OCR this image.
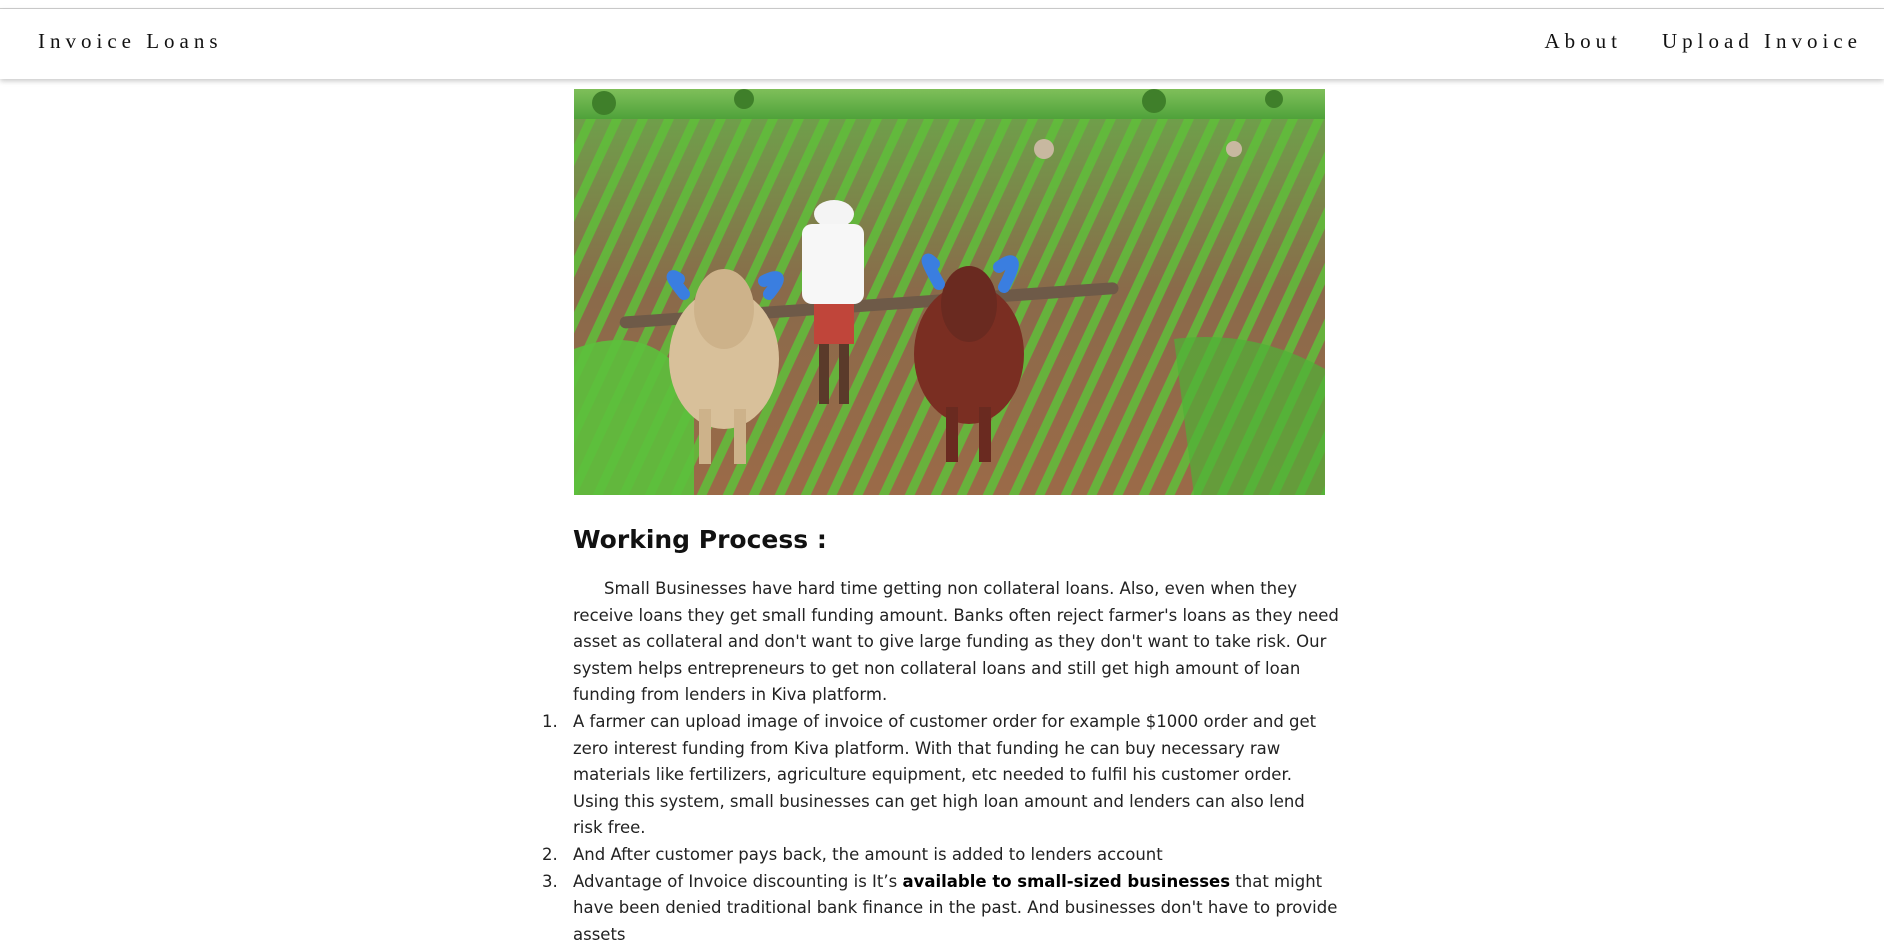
Invoice Loans	About Upload Invoice
Working Process :

Small Businesses have hard time getting non collateral loans. Also, even when they receive loans they get small funding amount. Banks often reject farmer's loans as they need asset as collateral and don't want to give large funding as they don't want to take risk. Our system helps entrepreneurs to get non collateral loans and still get high amount of loan funding from lenders in Kiva platform.

1. A farmer can upload image of invoice of customer order for example $1000 order and get zero interest funding from Kiva platform. With that funding he can buy necessary raw materials like fertilizers, agriculture equipment, etc needed to fulfil his customer order. Using this system, small businesses can get high loan amount and lenders can also lend risk free.
2. And After customer pays back, the amount is added to lenders account
3. Advantage of Invoice discounting is It’s available to small-sized businesses that might have been denied traditional bank finance in the past. And businesses don't have to provide assets
